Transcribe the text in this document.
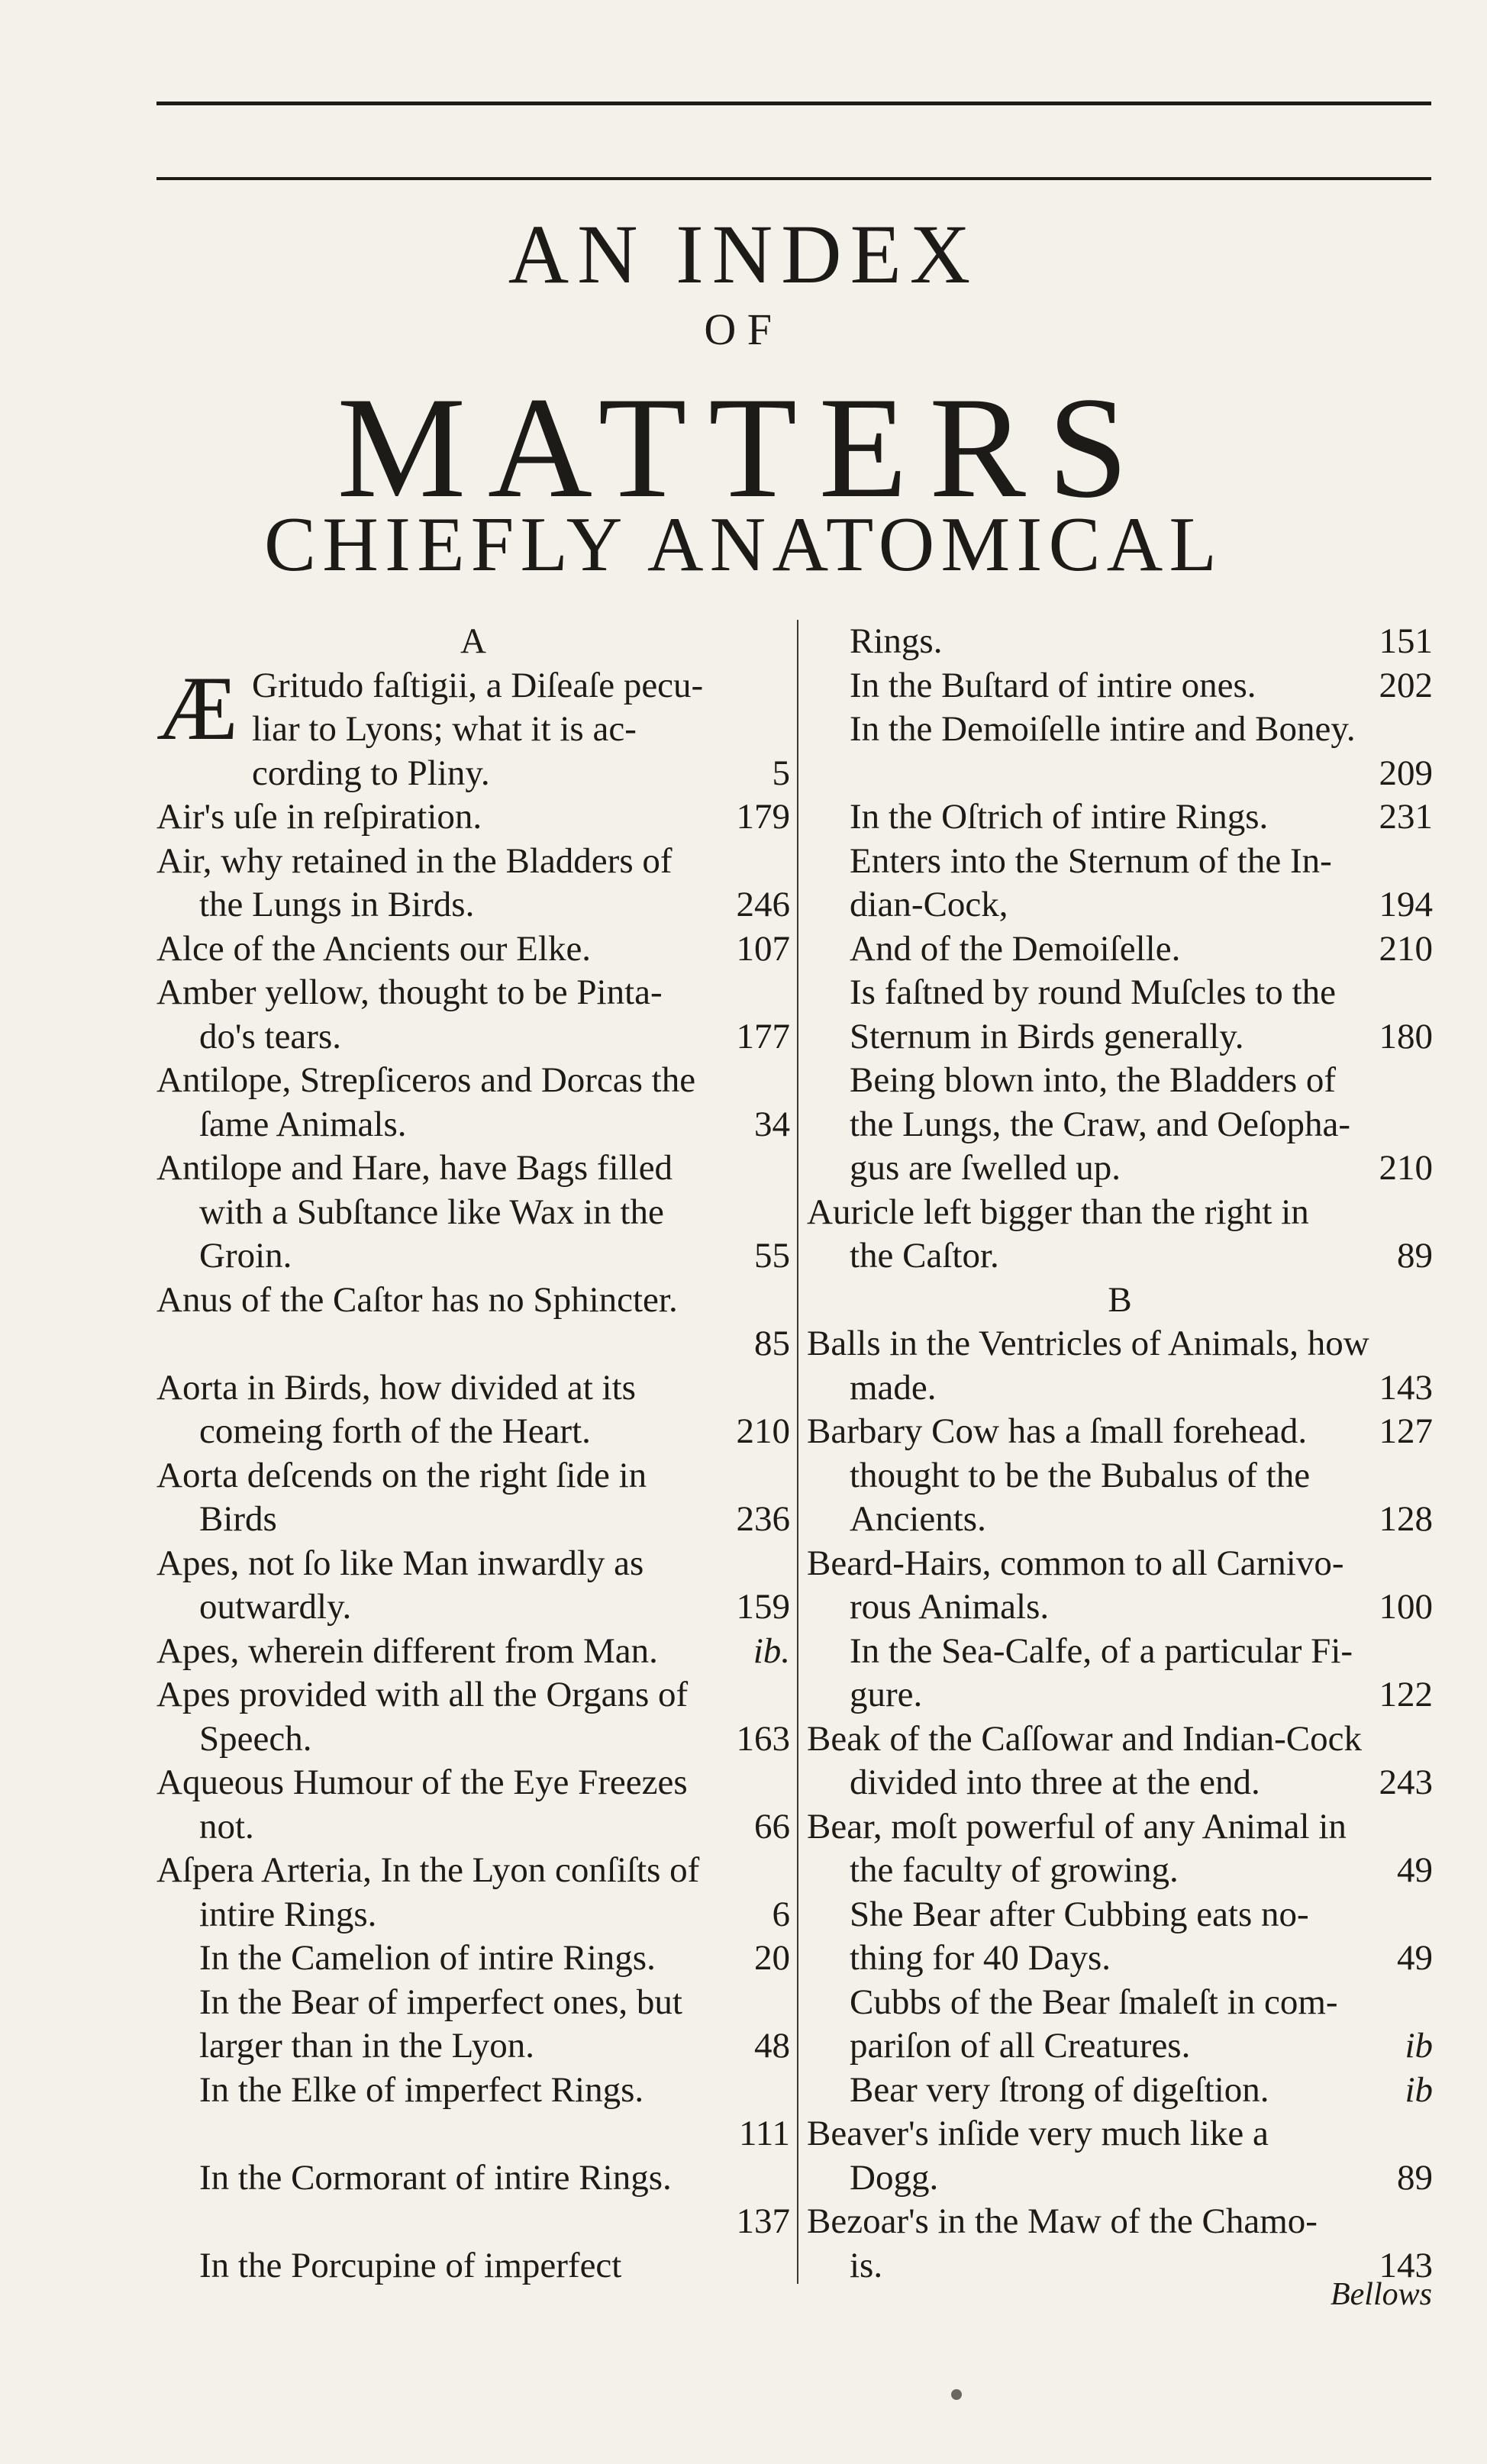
AN INDEX
OF
MATTERS
CHIEFLY ANATOMICAL
Æ
A
Gritudo faſtigii, a Diſeaſe pecu-
liar to Lyons; what it is ac-
cording to Pliny.	5
Air's uſe in reſpiration.	179
Air, why retained in the Bladders of
the Lungs in Birds.	246
Alce of the Ancients our Elke.	107
Amber yellow, thought to be Pinta-
do's tears.	177
Antilope, Strepſiceros and Dorcas the
ſame Animals.	34
Antilope and Hare, have Bags filled
with a Subſtance like Wax in the
Groin.	55
Anus of the Caſtor has no Sphincter.
85
Aorta in Birds, how divided at its
comeing forth of the Heart.	210
Aorta deſcends on the right ſide in
Birds	236
Apes, not ſo like Man inwardly as
outwardly.	159
Apes, wherein different from Man.	ib.
Apes provided with all the Organs of
Speech.	163
Aqueous Humour of the Eye Freezes
not.	66
Aſpera Arteria, In the Lyon conſiſts of
intire Rings.	6
In the Camelion of intire Rings.	20
In the Bear of imperfect ones, but
larger than in the Lyon.	48
In the Elke of imperfect Rings.
111
In the Cormorant of intire Rings.
137
In the Porcupine of imperfect
Rings.	151
In the Buſtard of intire ones.	202
In the Demoiſelle intire and Boney.
209
In the Oſtrich of intire Rings.	231
Enters into the Sternum of the In-
dian-Cock,	194
And of the Demoiſelle.	210
Is faſtned by round Muſcles to the
Sternum in Birds generally.	180
Being blown into, the Bladders of
the Lungs, the Craw, and Oeſopha-
gus are ſwelled up.	210
Auricle left bigger than the right in
the Caſtor.	89
B
Balls in the Ventricles of Animals, how
made.	143
Barbary Cow has a ſmall forehead.	127
thought to be the Bubalus of the
Ancients.	128
Beard-Hairs, common to all Carnivo-
rous Animals.	100
In the Sea-Calfe, of a particular Fi-
gure.	122
Beak of the Caſſowar and Indian-Cock
divided into three at the end.	243
Bear, moſt powerful of any Animal in
the faculty of growing.	49
She Bear after Cubbing eats no-
thing for 40 Days.	49
Cubbs of the Bear ſmaleſt in com-
pariſon of all Creatures.	ib
Bear very ſtrong of digeſtion.	ib
Beaver's inſide very much like a
Dogg.	89
Bezoar's in the Maw of the Chamo-
is.	143
Bellows
